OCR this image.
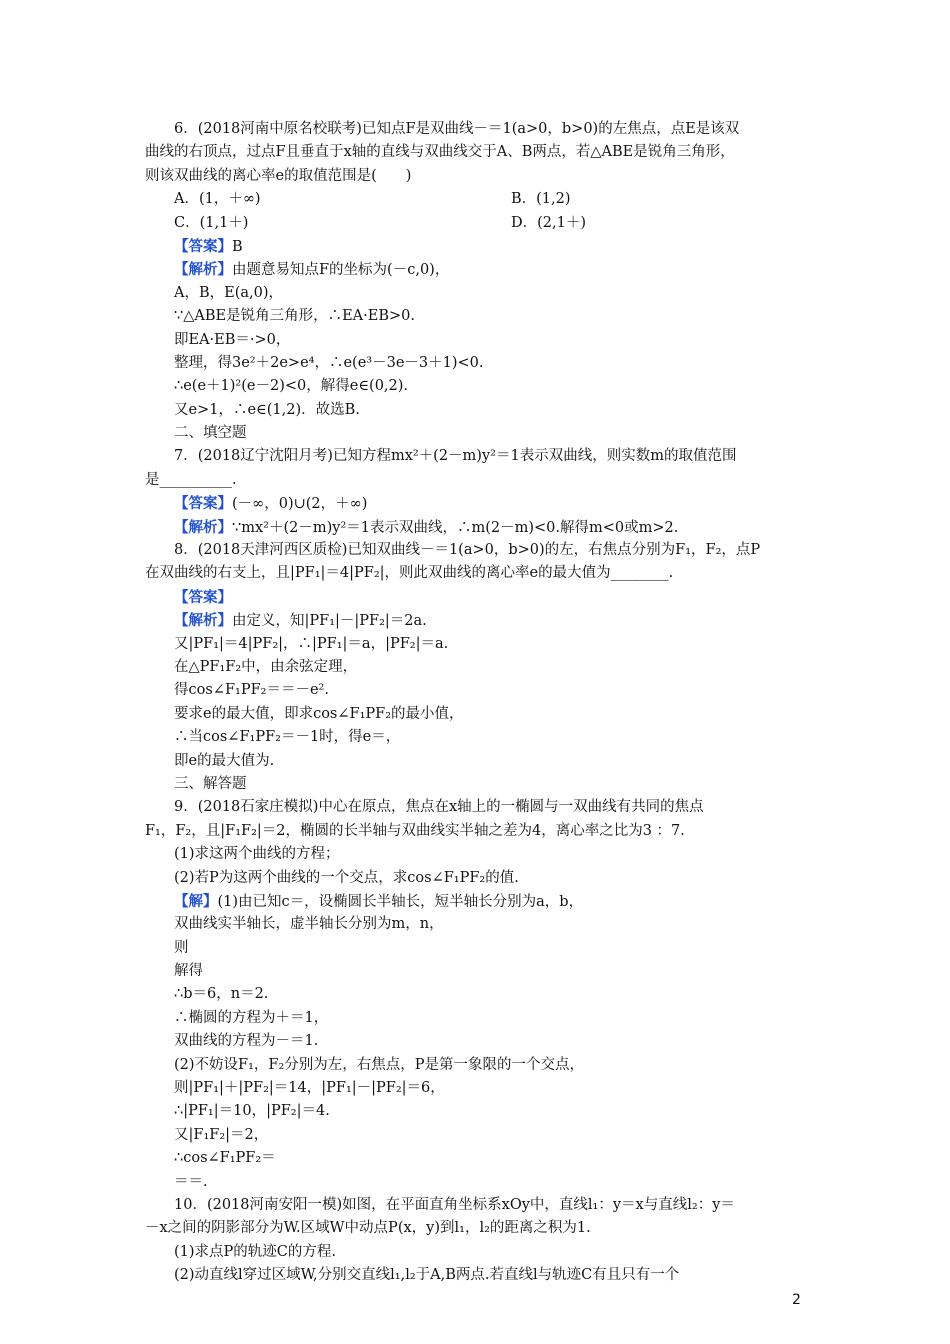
6．(2018河南中原名校联考)已知点F是双曲线－＝1(a>0，b>0)的左焦点，点E是该双
曲线的右顶点，过点F且垂直于x轴的直线与双曲线交于A、B两点，若△ABE是锐角三角形，
则该双曲线的离心率e的取值范围是(　　)
A．(1，＋∞)	B．(1,2)
C．(1,1＋)	D．(2,1＋)
【答案】B
【解析】由题意易知点F的坐标为(－c,0)，
A，B，E(a,0)，
∵△ABE是锐角三角形，∴EA·EB>0.
即EA·EB＝·>0，
整理，得3e²＋2e>e⁴，∴e(e³－3e－3＋1)<0.
∴e(e＋1)²(e－2)<0，解得e∈(0,2).
又e>1，∴e∈(1,2)．故选B.
二、填空题
7．(2018辽宁沈阳月考)已知方程mx²＋(2－m)y²＝1表示双曲线，则实数m的取值范围
是__________.
【答案】(－∞，0)∪(2，＋∞)
【解析】∵mx²＋(2－m)y²＝1表示双曲线，∴m(2－m)<0.解得m<0或m>2.
8．(2018天津河西区质检)已知双曲线－＝1(a>0，b>0)的左，右焦点分别为F₁，F₂，点P
在双曲线的右支上，且|PF₁|＝4|PF₂|，则此双曲线的离心率e的最大值为________.
【答案】
【解析】由定义，知|PF₁|－|PF₂|＝2a.
又|PF₁|＝4|PF₂|，∴|PF₁|＝a，|PF₂|＝a.
在△PF₁F₂中，由余弦定理，
得cos∠F₁PF₂＝＝－e².
要求e的最大值，即求cos∠F₁PF₂的最小值，
∴当cos∠F₁PF₂＝－1时，得e＝，
即e的最大值为.
三、解答题
9．(2018石家庄模拟)中心在原点，焦点在x轴上的一椭圆与一双曲线有共同的焦点
F₁，F₂，且|F₁F₂|＝2，椭圆的长半轴与双曲线实半轴之差为4，离心率之比为3 ：7.
(1)求这两个曲线的方程；
(2)若P为这两个曲线的一个交点，求cos∠F₁PF₂的值.
【解】(1)由已知c＝，设椭圆长半轴长，短半轴长分别为a，b，
双曲线实半轴长，虚半轴长分别为m，n，
则
解得
∴b＝6，n＝2.
∴椭圆的方程为＋＝1，
双曲线的方程为－＝1.
(2)不妨设F₁，F₂分别为左，右焦点，P是第一象限的一个交点，
则|PF₁|＋|PF₂|＝14，|PF₁|－|PF₂|＝6，
∴|PF₁|＝10，|PF₂|＝4.
又|F₁F₂|＝2，
∴cos∠F₁PF₂＝
＝＝.
10．(2018河南安阳一模)如图，在平面直角坐标系xOy中，直线l₁：y＝x与直线l₂：y＝
－x之间的阴影部分为W.区域W中动点P(x，y)到l₁，l₂的距离之积为1.
(1)求点P的轨迹C的方程.
(2)动直线l穿过区域W,分别交直线l₁,l₂于A,B两点.若直线l与轨迹C有且只有一个
2
